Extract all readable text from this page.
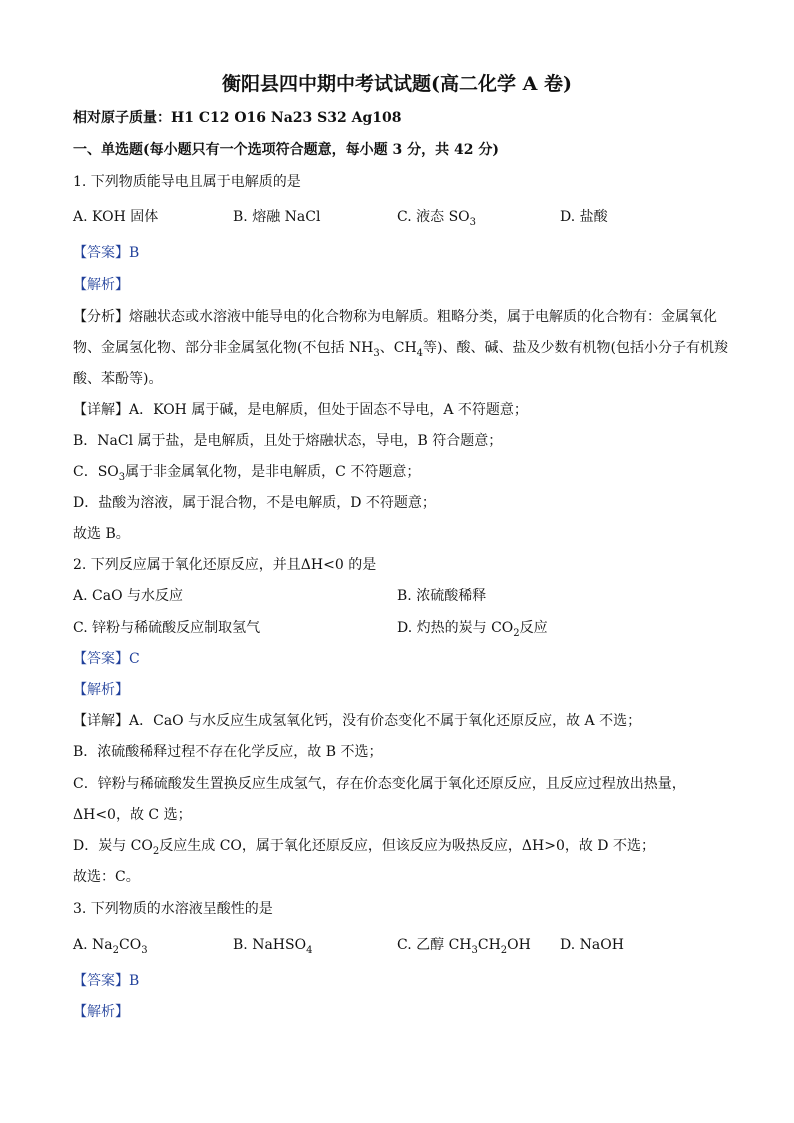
衡阳县四中期中考试试题(高二化学 A 卷)
相对原子质量：H1 C12 O16 Na23 S32 Ag108
一、单选题(每小题只有一个选项符合题意，每小题 3 分，共 42 分)
1. 下列物质能导电且属于电解质的是
A. KOH 固体	B. 熔融 NaCl	C. 液态 $SO_3$	D. 盐酸
【答案】B
【解析】
【分析】熔融状态或水溶液中能导电的化合物称为电解质。粗略分类，属于电解质的化合物有：金属氧化
物、金属氢化物、部分非金属氢化物(不包括 $NH_3$、$CH_4$等)、酸、碱、盐及少数有机物(包括小分子有机羧
酸、苯酚等)。
【详解】A．KOH 属于碱，是电解质，但处于固态不导电，A 不符题意；
B．NaCl 属于盐，是电解质，且处于熔融状态，导电，B 符合题意；
C．$SO_3$属于非金属氧化物，是非电解质，C 不符题意；
D．盐酸为溶液，属于混合物，不是电解质，D 不符题意；
故选 B。
2. 下列反应属于氧化还原反应，并且ΔH<0 的是
A. CaO 与水反应	B. 浓硫酸稀释
C. 锌粉与稀硫酸反应制取氢气	D. 灼热的炭与 $CO_2$反应
【答案】C
【解析】
【详解】A．CaO 与水反应生成氢氧化钙，没有价态变化不属于氧化还原反应，故 A 不选；
B．浓硫酸稀释过程不存在化学反应，故 B 不选；
C．锌粉与稀硫酸发生置换反应生成氢气，存在价态变化属于氧化还原反应，且反应过程放出热量，
ΔH<0，故 C 选；
D．炭与 $CO_2$反应生成 CO，属于氧化还原反应，但该反应为吸热反应，ΔH>0，故 D 不选；
故选：C。
3. 下列物质的水溶液呈酸性的是
A. $Na_2CO_3$	B. NaHSO$_4$	C. 乙醇 $CH_3CH_2OH$ D. NaOH
【答案】B
【解析】
